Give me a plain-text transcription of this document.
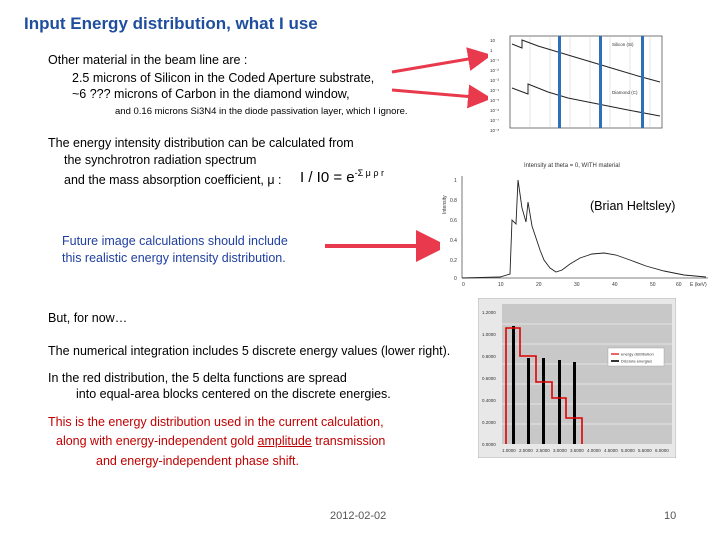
Input Energy distribution, what I use
Other material in the beam line are :
2.5 microns of Silicon in the Coded Aperture substrate,
~6 ??? microns of Carbon in the diamond window,
and 0.16 microns Si3N4 in the diode passivation layer, which I ignore.
The energy intensity distribution can be calculated from
the synchrotron radiation spectrum
and the mass absorption coefficient, μ : $I / I0 = e^{-\Sigma \mu \rho r}$
Future image calculations should include
this realistic energy intensity distribution.
But, for now…
The numerical integration includes 5 discrete energy values (lower right).
In the red distribution, the 5 delta functions are spread
into equal-area blocks centered on the discrete energies.
This is the energy distribution used in the current calculation,
along with energy-independent gold amplitude transmission
and energy-independent phase shift.
2012-02-02	10
10
1
10⁻¹
10⁻²
10⁻³
10⁻⁴
10⁻⁵
10⁻⁶
10⁻⁷
10⁻⁸
Silicon (Si)
Diamond (C)
Intensity at theta = 0, WITH material
Intensity
1
0.8
0.6
0.4
0.2
0
0	10	20	30	40	50	60 E (keV)
(Brian Heltsley)
1.2000
1.0000
0.8000
0.6000
0.4000
0.2000
0.0000
1.0000 2.0000 2.5000 3.0000 3.5000 4.0000 4.5000 5.0000 5.5000 6.0000
energy distribution
Discrete energies
